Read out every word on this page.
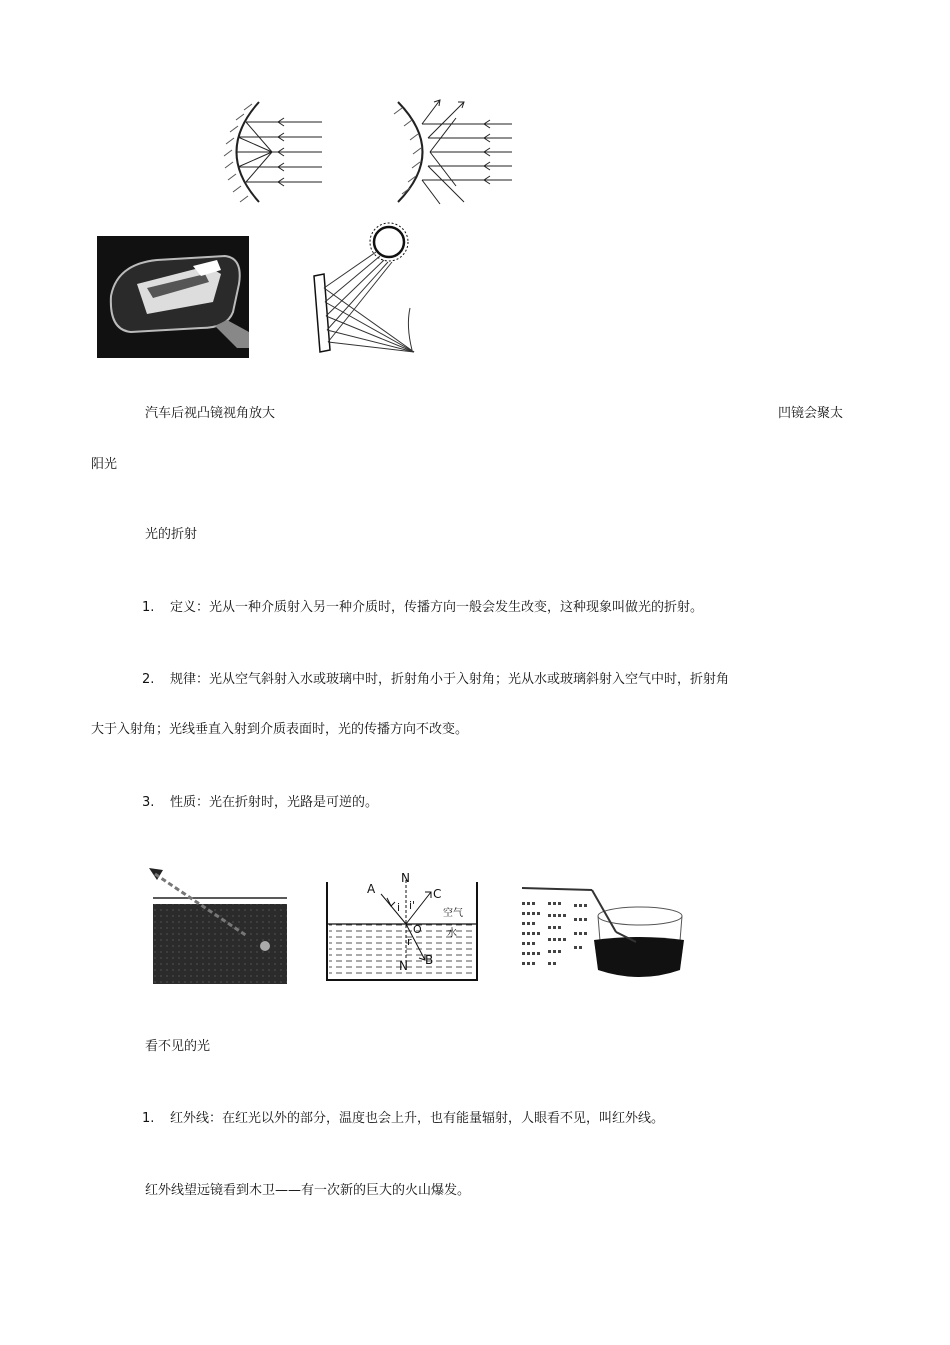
汽车后视凸镜视角放大	凹镜会聚太
阳光
光的折射
1. 定义：光从一种介质射入另一种介质时，传播方向一般会发生改变，这种现象叫做光的折射。
2. 规律：光从空气斜射入水或玻璃中时，折射角小于入射角；光从水或玻璃斜射入空气中时，折射角
大于入射角；光线垂直入射到介质表面时，光的传播方向不改变。
3. 性质：光在折射时，光路是可逆的。
N
A	C
i i'
空气
O	水
r
B
N
看不见的光
1. 红外线：在红光以外的部分，温度也会上升，也有能量辐射，人眼看不见，叫红外线。
红外线望远镜看到木卫——有一次新的巨大的火山爆发。
